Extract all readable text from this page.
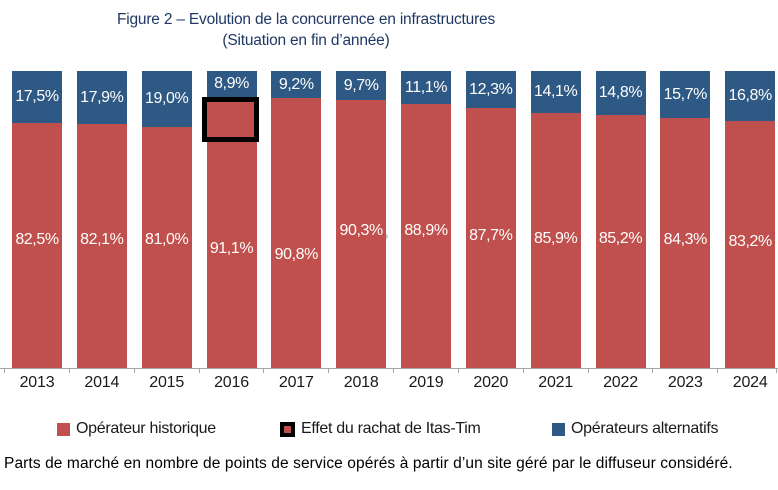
Figure 2 – Evolution de la concurrence en infrastructures
(Situation en fin d’année)
17,5%
82,5%
2013
17,9%
82,1%
2014
19,0%
81,0%
2015
8,9%
91,1%
2016
9,2%
90,8%
2017
9,7%
90,3%
2018
11,1%
88,9%
2019
12,3%
87,7%
2020
14,1%
85,9%
2021
14,8%
85,2%
2022
15,7%
84,3%
2023
16,8%
83,2%
2024
Opérateur historique	Effet du rachat de Itas-Tim	Opérateurs alternatifs
Parts de marché en nombre de points de service opérés à partir d’un site géré par le diffuseur considéré.
